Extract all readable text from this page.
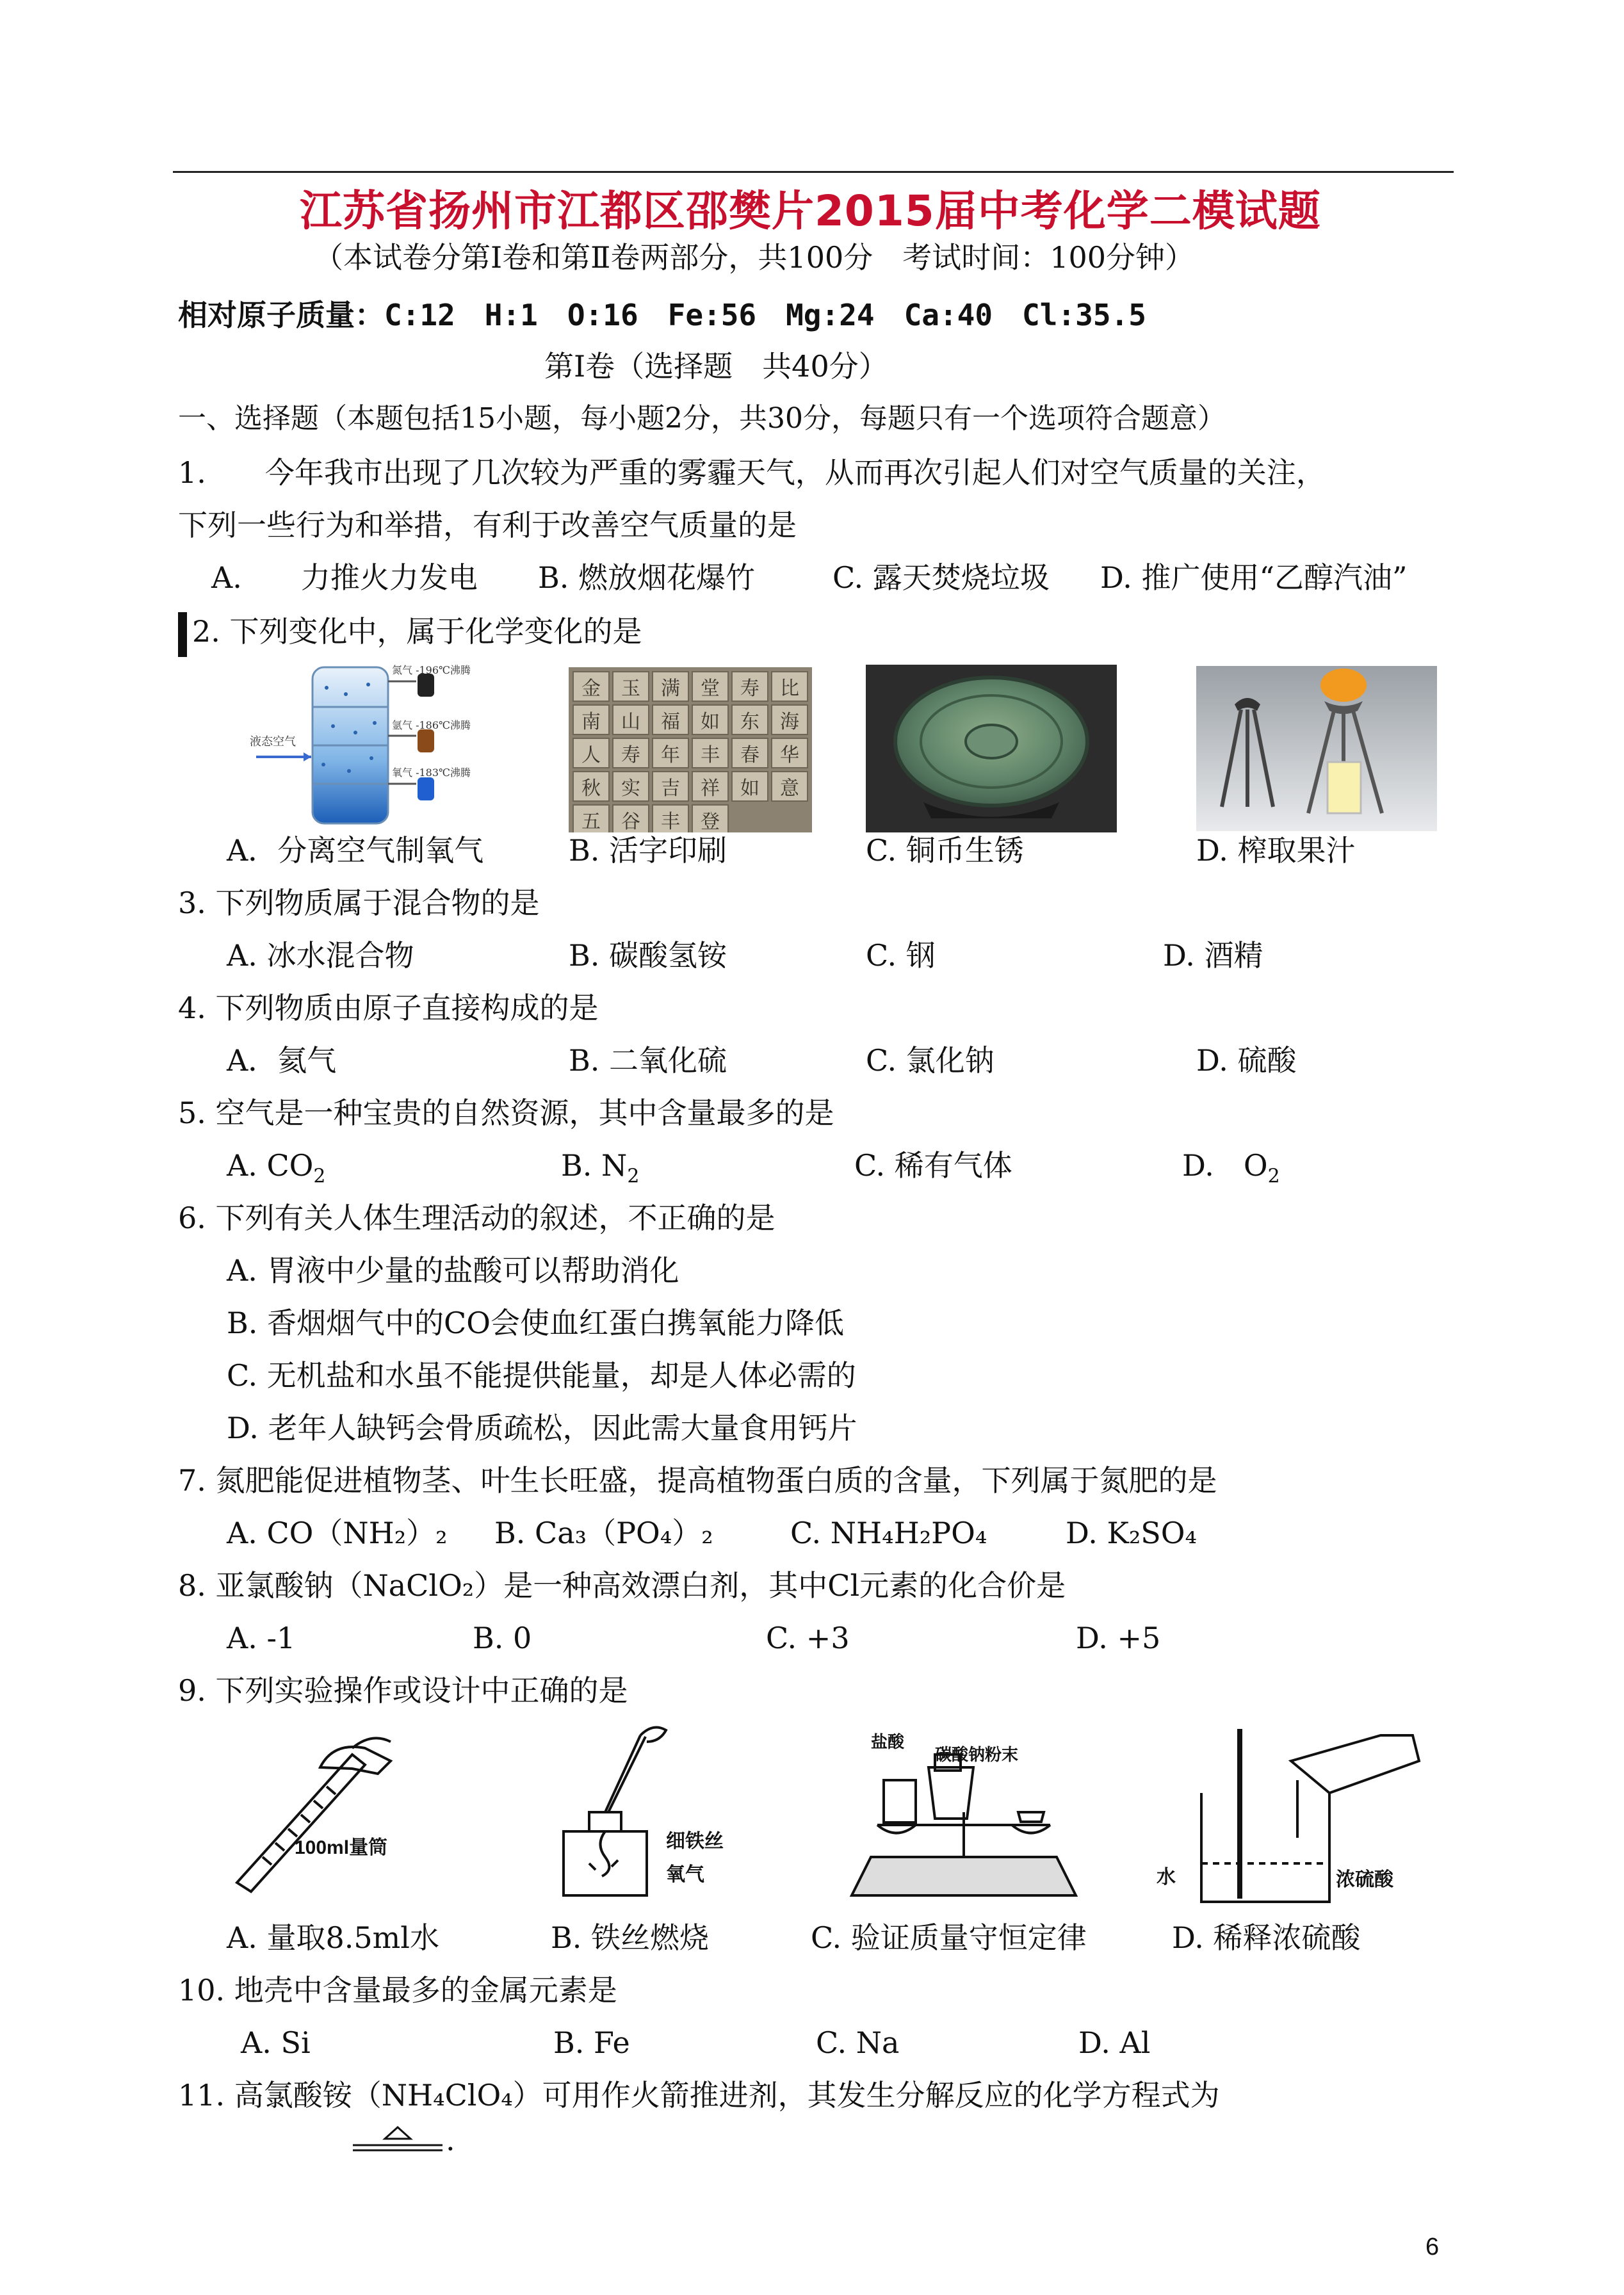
江苏省扬州市江都区邵樊片2015届中考化学二模试题
（本试卷分第Ⅰ卷和第Ⅱ卷两部分，共100分　考试时间：100分钟）
相对原子质量：C:12　H:1　O:16　Fe:56　Mg:24　Ca:40　Cl:35.5
第Ⅰ卷（选择题　共40分）
一、选择题（本题包括15小题，每小题2分，共30分，每题只有一个选项符合题意）
1.　　今年我市出现了几次较为严重的雾霾天气，从而再次引起人们对空气质量的关注，
下列一些行为和举措，有利于改善空气质量的是
A.　　力推火力发电 B. 燃放烟花爆竹	C. 露天焚烧垃圾 D. 推广使用“乙醇汽油”
2. 下列变化中，属于化学变化的是
液态空气
氮气 -196℃沸腾
氩气 -186℃沸腾
氧气 -183℃沸腾
金	玉	满	堂	寿	比
南	山	福	如	东	海
人	寿	年	丰	春	华
秋	实	吉	祥	如	意
五	谷	丰	登
A．分离空气制氧气	B. 活字印刷	C. 铜币生锈	D. 榨取果汁
3. 下列物质属于混合物的是
A. 冰水混合物	B. 碳酸氢铵	C. 钢	D. 酒精
4. 下列物质由原子直接构成的是
A．氦气	B. 二氧化硫	C. 氯化钠	D. 硫酸
5. 空气是一种宝贵的自然资源，其中含量最多的是
A. $CO_2$	B. $N_2$	C. 稀有气体	D.　$O_2$
6. 下列有关人体生理活动的叙述，不正确的是
A. 胃液中少量的盐酸可以帮助消化
B. 香烟烟气中的CO会使血红蛋白携氧能力降低
C. 无机盐和水虽不能提供能量，却是人体必需的
D. 老年人缺钙会骨质疏松，因此需大量食用钙片
7. 氮肥能促进植物茎、叶生长旺盛，提高植物蛋白质的含量，下列属于氮肥的是
A. CO（NH₂）₂ B. Ca₃（PO₄）₂	C. NH₄H₂PO₄	D. K₂SO₄
8. 亚氯酸钠（NaClO₂）是一种高效漂白剂，其中Cl元素的化合价是
A. -1	B. 0	C. +3	D. +5
9. 下列实验操作或设计中正确的是
100ml量筒	细铁丝
氧气
盐酸
碳酸钠粉末
水	浓硫酸
A. 量取8.5ml水	B. 铁丝燃烧	C. 验证质量守恒定律	D. 稀释浓硫酸
10. 地壳中含量最多的金属元素是
A. Si	B. Fe	C. Na	D. Al
11. 高氯酸铵（NH₄ClO₄）可用作火箭推进剂，其发生分解反应的化学方程式为
.
6
